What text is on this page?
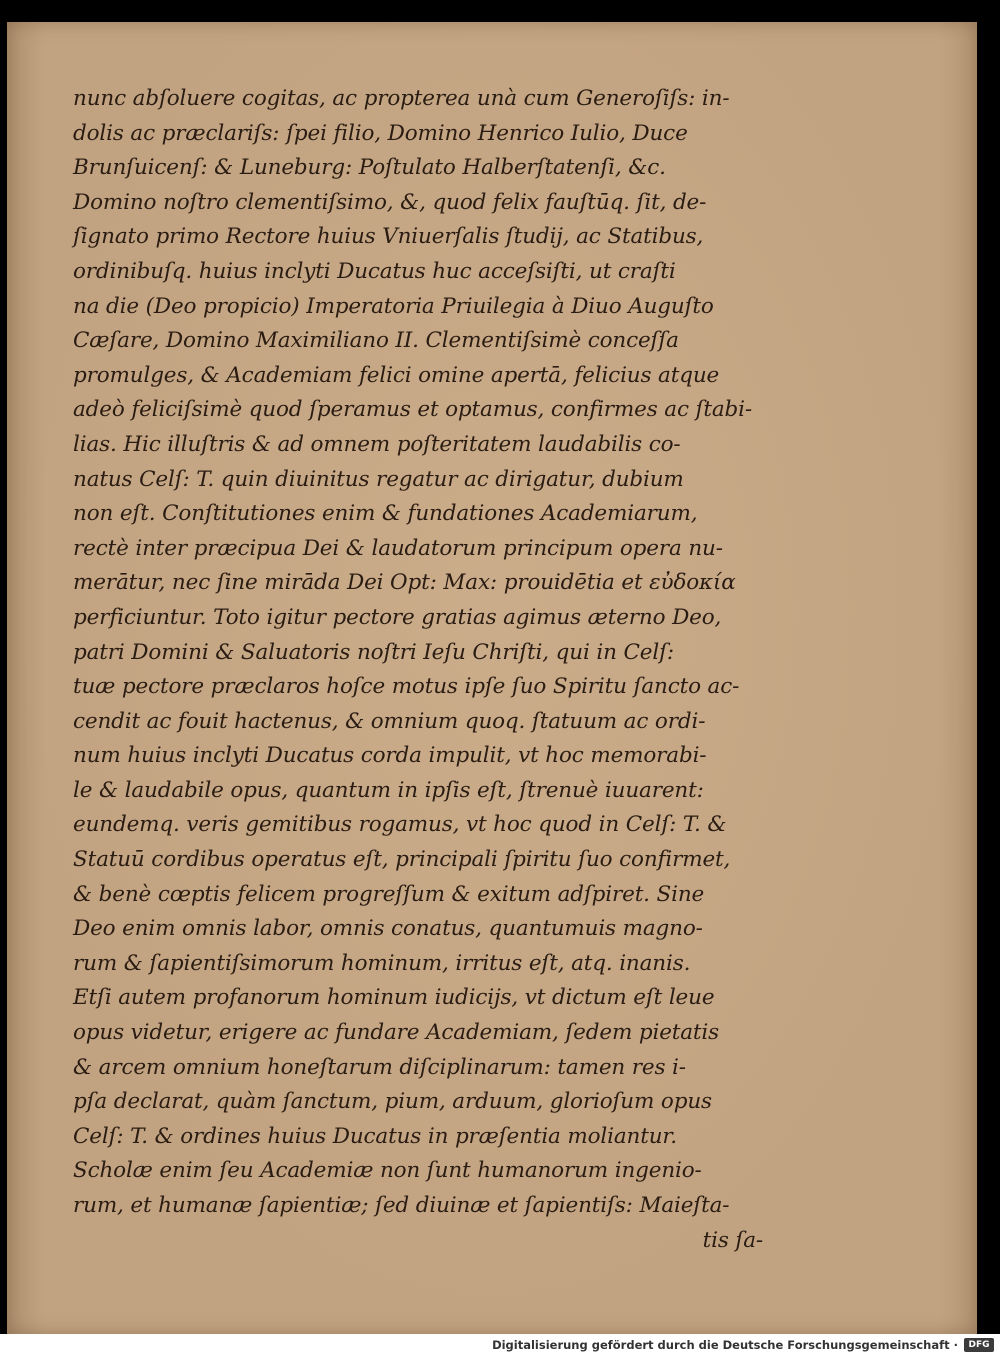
nunc abſoluere cogitas, ac propterea unà cum Generoſiſs: in-
dolis ac præclariſs: ſpei filio, Domino Henrico Iulio, Duce
Brunſuicenſ: & Luneburg: Poſtulato Halberſtatenſi, &c.
Domino noſtro clementiſsimo, &, quod felix fauſtūq. ſit, de-
ſignato primo Rectore huius Vniuerſalis ſtudij, ac Statibus,
ordinibuſq. huius inclyti Ducatus huc acceſsiſti, ut craſti
na die (Deo propicio) Imperatoria Priuilegia à Diuo Auguſto
Cæſare, Domino Maximiliano II. Clementiſsimè conceſſa
promulges, & Academiam felici omine apertā, felicius atque
adeò feliciſsimè quod ſperamus et optamus, confirmes ac ſtabi-
lias. Hic illuſtris & ad omnem poſteritatem laudabilis co-
natus Celſ: T. quin diuinitus regatur ac dirigatur, dubium
non eſt. Conſtitutiones enim & fundationes Academiarum,
rectè inter præcipua Dei & laudatorum principum opera nu-
merātur, nec ſine mirādа Dei Opt: Max: prouidētia et εὐδοκία
perficiuntur. Toto igitur pectore gratias agimus æterno Deo,
patri Domini & Saluatoris noſtri Ieſu Chriſti, qui in Celſ:
tuæ pectore præclaros hoſce motus ipſe ſuo Spiritu ſancto ac-
cendit ac fouit hactenus, & omnium quoq. ſtatuum ac ordi-
num huius inclyti Ducatus corda impulit, vt hoc memorabi-
le & laudabile opus, quantum in ipſis eſt, ſtrenuè iuuarent:
eundemq. veris gemitibus rogamus, vt hoc quod in Celſ: T. &
Statuū cordibus operatus eſt, principali ſpiritu ſuo confirmet,
& benè cœptis felicem progreſſum & exitum adſpiret. Sine
Deo enim omnis labor, omnis conatus, quantumuis magno-
rum & ſapientiſsimorum hominum, irritus eſt, atq. inanis.
Etſi autem profanorum hominum iudicijs, vt dictum eſt leue
opus videtur, erigere ac fundare Academiam, ſedem pietatis
& arcem omnium honeſtarum diſciplinarum: tamen res i-
pſa declarat, quàm ſanctum, pium, arduum, glorioſum opus
Celſ: T. & ordines huius Ducatus in præſentia moliantur.
Scholæ enim ſeu Academiæ non ſunt humanorum ingenio-
rum, et humanæ ſapientiæ; ſed diuinæ et ſapientiſs: Maieſta-
tis ſa-
Digitalisierung gefördert durch die Deutsche Forschungsgemeinschaft ·	DFG
